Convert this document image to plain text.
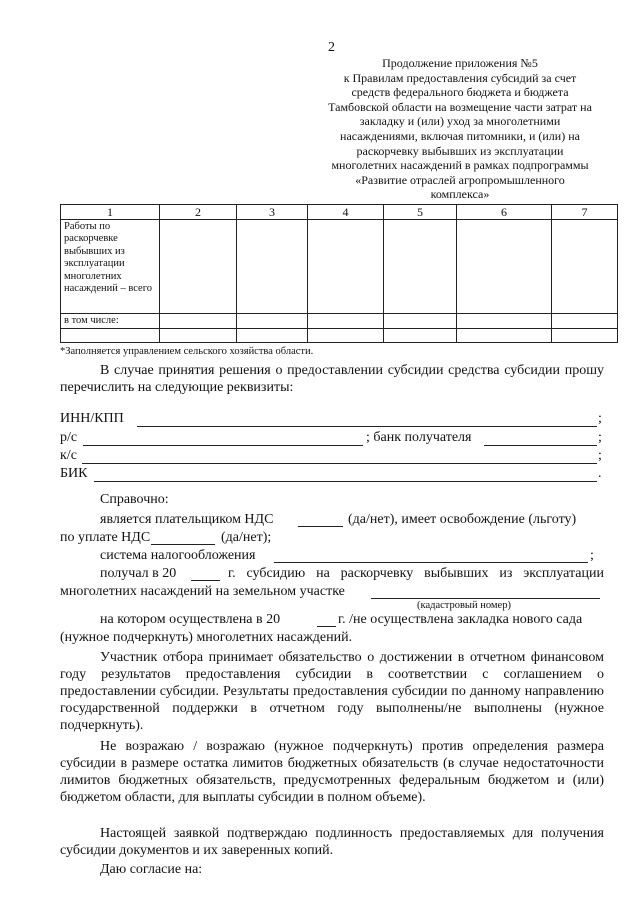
2
Продолжение приложения №5
к Правилам предоставления субсидий за счет
средств федерального бюджета и бюджета
Тамбовской области на возмещение части затрат на
закладку и (или) уход за многолетними
насаждениями, включая питомники, и (или) на
раскорчевку выбывших из эксплуатации
многолетних насаждений в рамках подпрограммы
«Развитие отраслей агропромышленного
комплекса»
1	2	3	4	5	6	7
Работы по раскорчевке выбывших из эксплуатации многолетних насаждений – всего						
в том числе:						

*Заполняется управлением сельского хозяйства области.
В случае принятия решения о предоставлении субсидии средства субсидии прошу перечислить на следующие реквизиты:
ИНН/КПП	;
р/с	; банк получателя	;
к/с	;
БИК	.
Справочно:
является плательщиком НДС	(да/нет), имеет освобождение (льготу)
по уплате НДС	(да/нет);
система налогообложения	;
получал в 20	г. субсидию на раскорчевку выбывших из эксплуатации
многолетних насаждений на земельном участке
(кадастровый номер)
на котором осуществлена в 20	г. /не осуществлена закладка нового сада
(нужное подчеркнуть) многолетних насаждений.
Участник отбора принимает обязательство о достижении в отчетном финансовом году результатов предоставления субсидии в соответствии с соглашением о предоставлении субсидии. Результаты предоставления субсидии по данному направлению государственной поддержки в отчетном году выполнены/не выполнены (нужное подчеркнуть).
Не возражаю / возражаю (нужное подчеркнуть) против определения размера субсидии в размере остатка лимитов бюджетных обязательств (в случае недостаточности лимитов бюджетных обязательств, предусмотренных федеральным бюджетом и (или) бюджетом области, для выплаты субсидии в полном объеме).
Настоящей заявкой подтверждаю подлинность предоставляемых для получения субсидии документов и их заверенных копий.
Даю согласие на:
